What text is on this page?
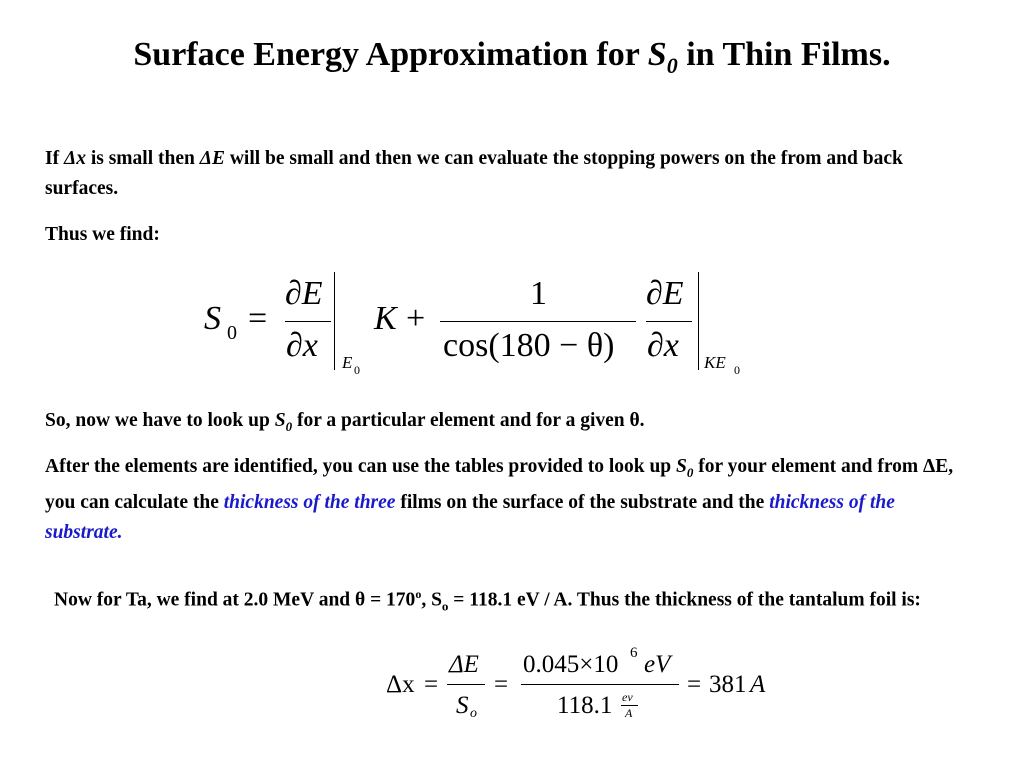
Surface Energy Approximation for $S_0$ in Thin Films.
If Δx is small then ΔE will be small and then we can evaluate the stopping powers on the from and back surfaces.
Thus we find:
S 0 =
∂E
∂x E 0
K +
1
cos(180 − θ)
∂E
∂x KE 0
So, now we have to look up $S_0$ for a particular element and for a given θ.
After the elements are identified, you can use the tables provided to look up $S_0$ for your element and from ΔE, you can calculate the thickness of the three films on the surface of the substrate and the thickness of the substrate.
Now for Ta, we find at 2.0 MeV and $\theta = 170^o$, $S_o = 118.1$ eV / A. Thus the thickness of the tantalum foil is:
Δx =
ΔE
S o
=
0.045×10 6 eV
118.1 ev
A
= 381 A
